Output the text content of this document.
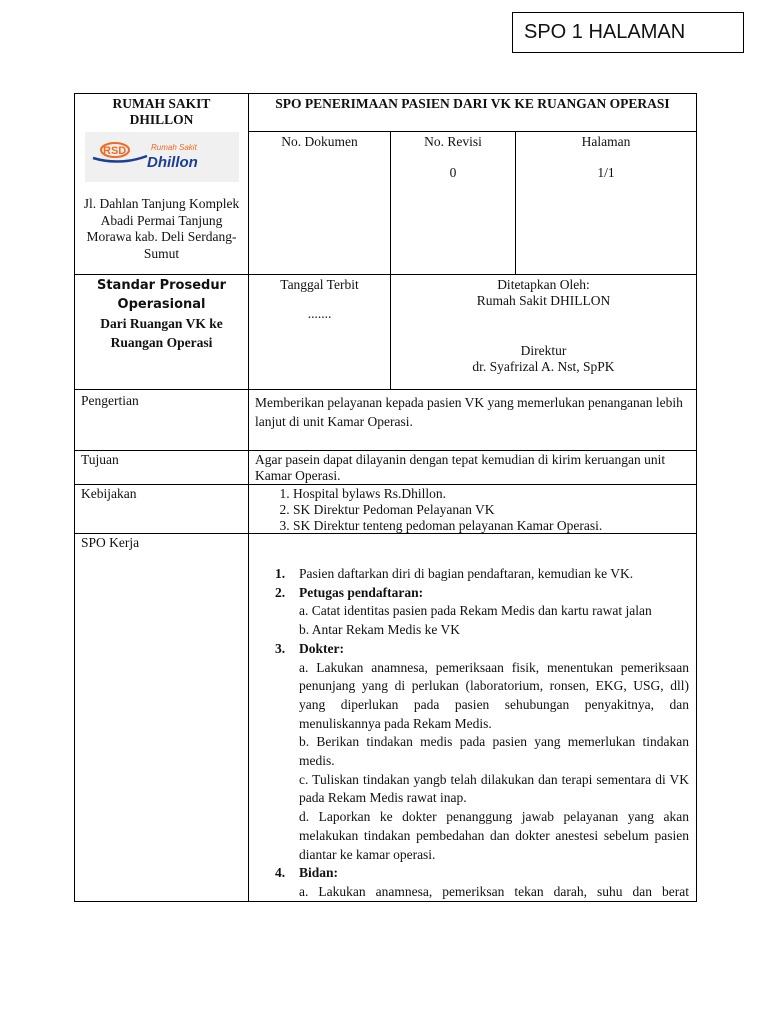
SPO 1 HALAMAN
RUMAH SAKIT DHILLON
RSD	Rumah Sakit
Dhillon
Jl. Dahlan Tanjung Komplek Abadi Permai Tanjung Morawa kab. Deli Serdang-Sumut
SPO PENERIMAAN PASIEN DARI VK KE RUANGAN OPERASI
No. Dokumen	No. Revisi
0
Halaman
1/1
Standar Prosedur
Operasional
Dari Ruangan VK ke
Ruangan Operasi
Tanggal Terbit
.......
Ditetapkan Oleh:
Rumah Sakit DHILLON
Direktur
dr. Syafrizal A. Nst, SpPK
Pengertian	Memberikan pelayanan kepada pasien VK yang memerlukan penanganan lebih lanjut di unit Kamar Operasi.
Tujuan	Agar pasein dapat dilayanin dengan tepat kemudian di kirim keruangan unit Kamar Operasi.
Kebijakan
1.	Hospital bylaws Rs.Dhillon.
2. SK Direktur Pedoman Pelayanan VK
3. SK Direktur tenteng pedoman pelayanan Kamar Operasi.
SPO Kerja
1.	Pasien daftarkan diri di bagian pendaftaran, kemudian ke VK.
2.	Petugas pendaftaran:
a. Catat identitas pasien pada Rekam Medis dan kartu rawat jalan
b. Antar Rekam Medis ke VK
3.	Dokter:
a. Lakukan anamnesa, pemeriksaan fisik, menentukan pemeriksaan penunjang yang di perlukan (laboratorium, ronsen, EKG, USG, dll) yang diperlukan pada pasien sehubungan penyakitnya, dan menuliskannya pada Rekam Medis.
b. Berikan tindakan medis pada pasien yang memerlukan tindakan medis.
c. Tuliskan tindakan yangb telah dilakukan dan terapi sementara di VK pada Rekam Medis rawat inap.
d. Laporkan ke dokter penanggung jawab pelayanan yang akan melakukan tindakan pembedahan dan dokter anestesi sebelum pasien diantar ke kamar operasi.
4.	Bidan:
a. Lakukan anamnesa, pemeriksan tekan darah, suhu dan berat
